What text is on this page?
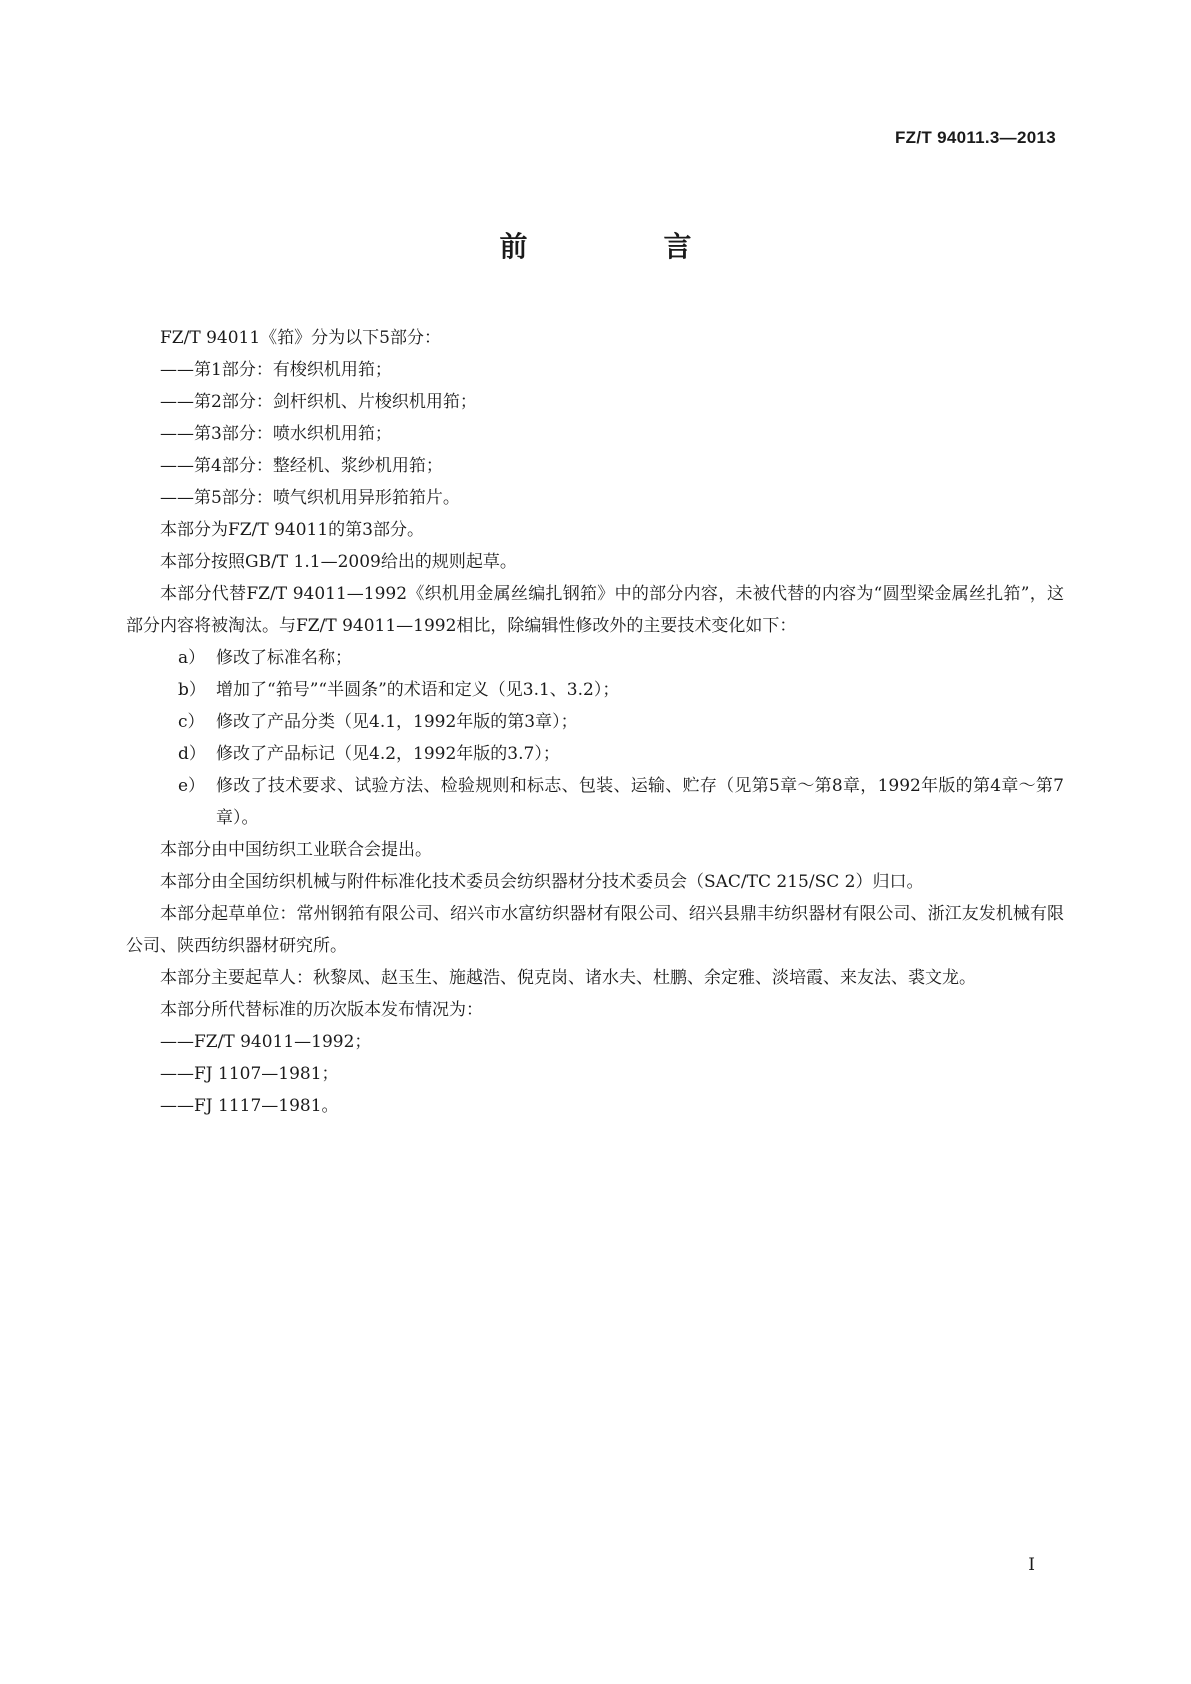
FZ/T 94011.3—2013
前　言

FZ/T 94011《筘》分为以下5部分：

——第1部分：有梭织机用筘；

——第2部分：剑杆织机、片梭织机用筘；

——第3部分：喷水织机用筘；

——第4部分：整经机、浆纱机用筘；

——第5部分：喷气织机用异形筘筘片。

本部分为FZ/T 94011的第3部分。

本部分按照GB/T 1.1—2009给出的规则起草。

本部分代替FZ/T 94011—1992《织机用金属丝编扎钢筘》中的部分内容，未被代替的内容为“圆型梁金属丝扎筘”，这部分内容将被淘汰。与FZ/T 94011—1992相比，除编辑性修改外的主要技术变化如下：

a） 修改了标准名称；
b） 增加了“筘号”“半圆条”的术语和定义（见3.1、3.2）；
c） 修改了产品分类（见4.1，1992年版的第3章）；
d） 修改了产品标记（见4.2，1992年版的3.7）；
e） 修改了技术要求、试验方法、检验规则和标志、包装、运输、贮存（见第5章～第8章，1992年版的第4章～第7章）。

本部分由中国纺织工业联合会提出。

本部分由全国纺织机械与附件标准化技术委员会纺织器材分技术委员会（SAC/TC 215/SC 2）归口。

本部分起草单位：常州钢筘有限公司、绍兴市水富纺织器材有限公司、绍兴县鼎丰纺织器材有限公司、浙江友发机械有限公司、陕西纺织器材研究所。

本部分主要起草人：秋黎凤、赵玉生、施越浩、倪克岗、诸水夫、杜鹏、余定雅、淡培霞、来友法、裘文龙。

本部分所代替标准的历次版本发布情况为：

——FZ/T 94011—1992；

——FJ 1107—1981；

——FJ 1117—1981。

I
